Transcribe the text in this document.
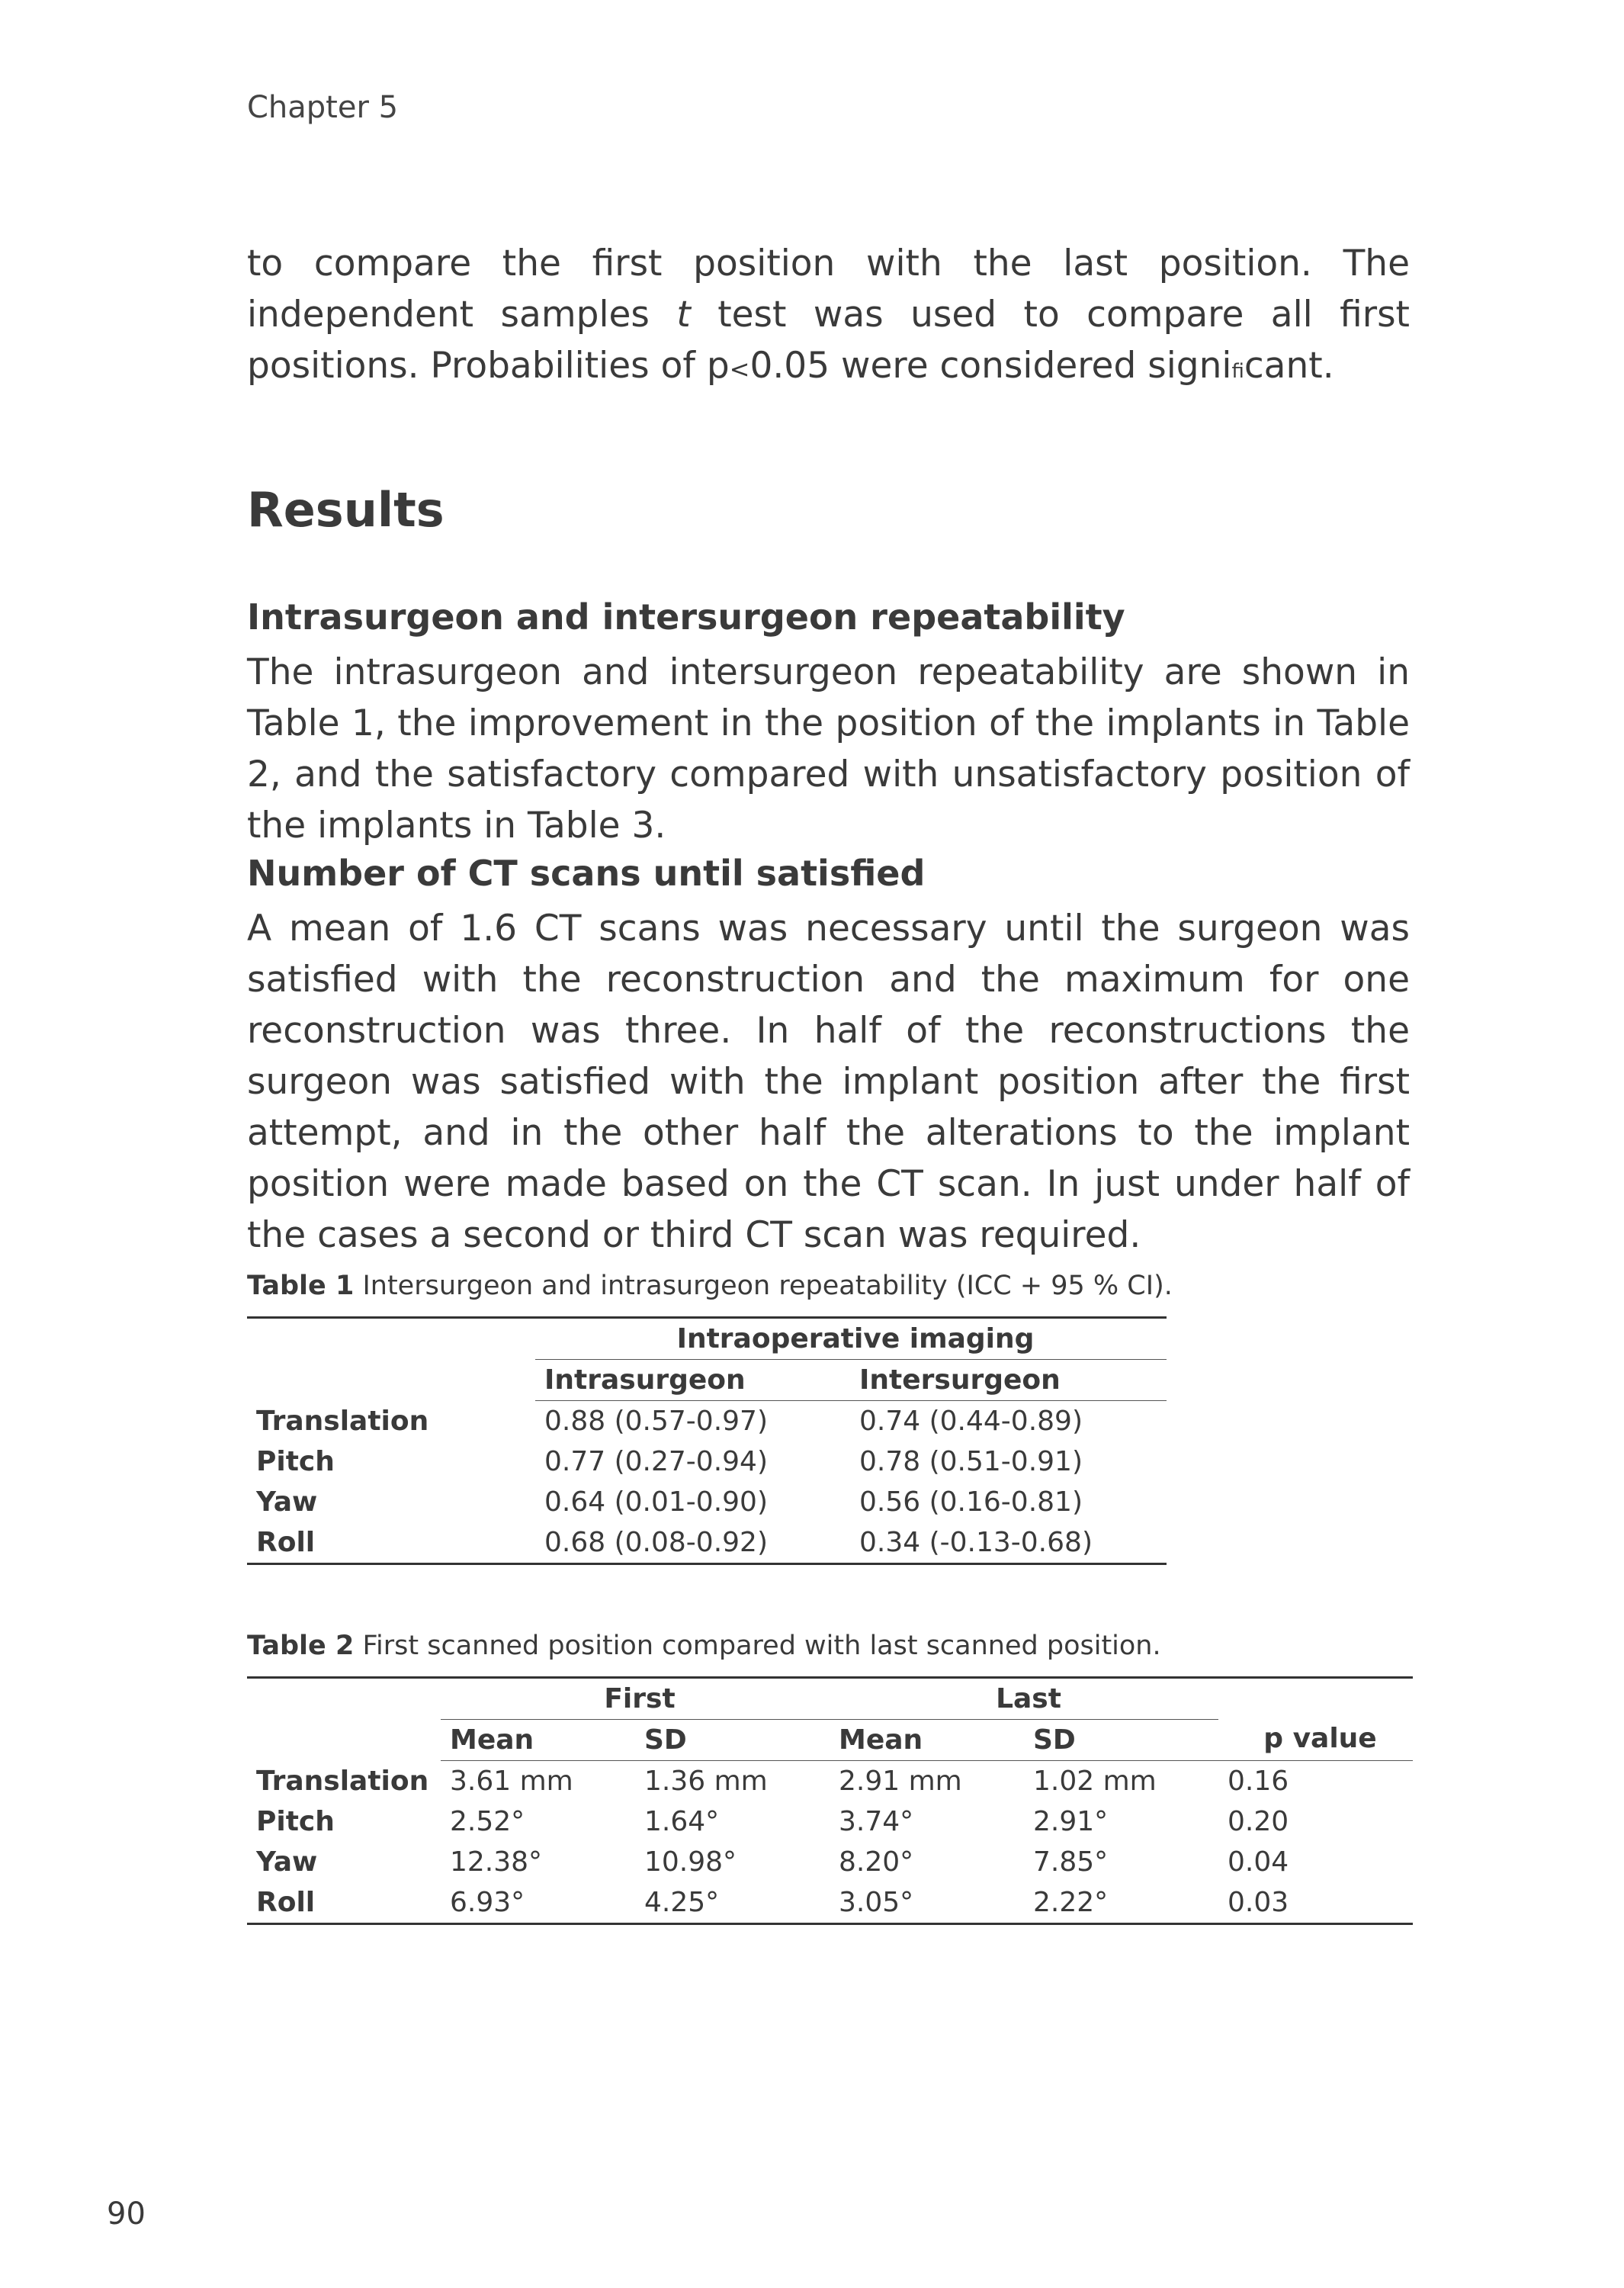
Chapter 5

to compare the first position with the last position. The independent samples t test was used to compare all first positions. Probabilities of p<0.05 were considered significant.

Results
Intrasurgeon and intersurgeon repeatability

The intrasurgeon and intersurgeon repeatability are shown in Table 1, the improvement in the position of the implants in Table 2, and the satisfactory compared with unsatisfactory position of the implants in Table 3.

Number of CT scans until satisfied

A mean of 1.6 CT scans was necessary until the surgeon was satisfied with the reconstruction and the maximum for one reconstruction was three. In half of the reconstructions the surgeon was satisfied with the implant position after the first attempt, and in the other half the alterations to the implant position were made based on the CT scan. In just under half of the cases a second or third CT scan was required.

Table 1 Intersurgeon and intrasurgeon repeatability (ICC + 95 % CI).
	Intraoperative imaging	
	Intrasurgeon	Intersurgeon
Translation	0.88 (0.57-0.97)	0.74 (0.44-0.89)
Pitch	0.77 (0.27-0.94)	0.78 (0.51-0.91)
Yaw	0.64 (0.01-0.90)	0.56 (0.16-0.81)
Roll	0.68 (0.08-0.92)	0.34 (-0.13-0.68)
Table 2 First scanned position compared with last scanned position.
	First		Last		p value
	Mean	SD	Mean	SD	
Translation	3.61 mm	1.36 mm	2.91 mm	1.02 mm	0.16
Pitch	2.52°	1.64°	3.74°	2.91°	0.20
Yaw	12.38°	10.98°	8.20°	7.85°	0.04
Roll	6.93°	4.25°	3.05°	2.22°	0.03
90
